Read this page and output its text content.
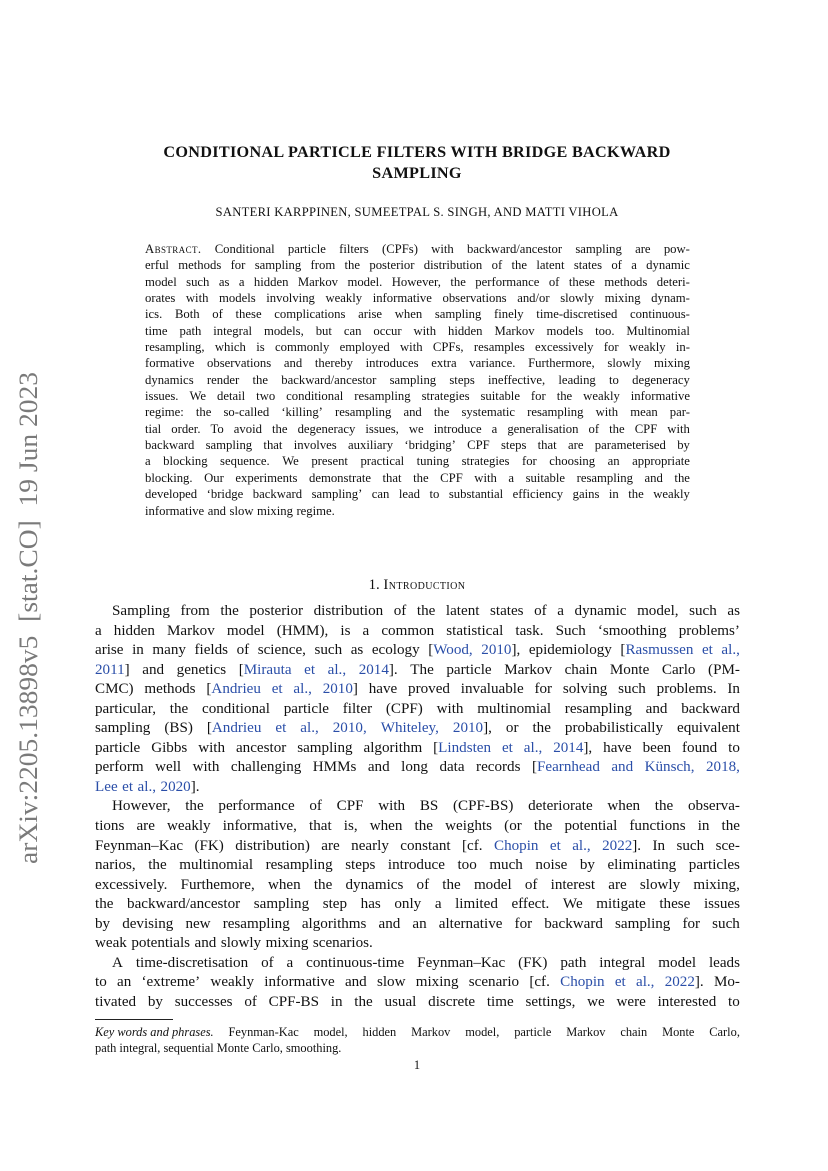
arXiv:2205.13898v5  [stat.CO]  19 Jun 2023
CONDITIONAL PARTICLE FILTERS WITH BRIDGE BACKWARD
SAMPLING
SANTERI KARPPINEN, SUMEETPAL S. SINGH, AND MATTI VIHOLA
Abstract. Conditional particle filters (CPFs) with backward/ancestor sampling are pow-
erful methods for sampling from the posterior distribution of the latent states of a dynamic
model such as a hidden Markov model. However, the performance of these methods deteri-
orates with models involving weakly informative observations and/or slowly mixing dynam-
ics. Both of these complications arise when sampling finely time-discretised continuous-
time path integral models, but can occur with hidden Markov models too. Multinomial
resampling, which is commonly employed with CPFs, resamples excessively for weakly in-
formative observations and thereby introduces extra variance. Furthermore, slowly mixing
dynamics render the backward/ancestor sampling steps ineffective, leading to degeneracy
issues. We detail two conditional resampling strategies suitable for the weakly informative
regime: the so-called ‘killing’ resampling and the systematic resampling with mean par-
tial order. To avoid the degeneracy issues, we introduce a generalisation of the CPF with
backward sampling that involves auxiliary ‘bridging’ CPF steps that are parameterised by
a blocking sequence. We present practical tuning strategies for choosing an appropriate
blocking. Our experiments demonstrate that the CPF with a suitable resampling and the
developed ‘bridge backward sampling’ can lead to substantial efficiency gains in the weakly
informative and slow mixing regime.
1. Introduction
Sampling from the posterior distribution of the latent states of a dynamic model, such as
a hidden Markov model (HMM), is a common statistical task. Such ‘smoothing problems’
arise in many fields of science, such as ecology [Wood, 2010], epidemiology [Rasmussen et al.,
2011] and genetics [Mirauta et al., 2014]. The particle Markov chain Monte Carlo (PM-
CMC) methods [Andrieu et al., 2010] have proved invaluable for solving such problems. In
particular, the conditional particle filter (CPF) with multinomial resampling and backward
sampling (BS) [Andrieu et al., 2010, Whiteley, 2010], or the probabilistically equivalent
particle Gibbs with ancestor sampling algorithm [Lindsten et al., 2014], have been found to
perform well with challenging HMMs and long data records [Fearnhead and Künsch, 2018,
Lee et al., 2020].
However, the performance of CPF with BS (CPF-BS) deteriorate when the observa-
tions are weakly informative, that is, when the weights (or the potential functions in the
Feynman–Kac (FK) distribution) are nearly constant [cf. Chopin et al., 2022]. In such sce-
narios, the multinomial resampling steps introduce too much noise by eliminating particles
excessively. Furthemore, when the dynamics of the model of interest are slowly mixing,
the backward/ancestor sampling step has only a limited effect. We mitigate these issues
by devising new resampling algorithms and an alternative for backward sampling for such
weak potentials and slowly mixing scenarios.
A time-discretisation of a continuous-time Feynman–Kac (FK) path integral model leads
to an ‘extreme’ weakly informative and slow mixing scenario [cf. Chopin et al., 2022]. Mo-
tivated by successes of CPF-BS in the usual discrete time settings, we were interested to
Key words and phrases. Feynman-Kac model, hidden Markov model, particle Markov chain Monte Carlo,
path integral, sequential Monte Carlo, smoothing.
1
